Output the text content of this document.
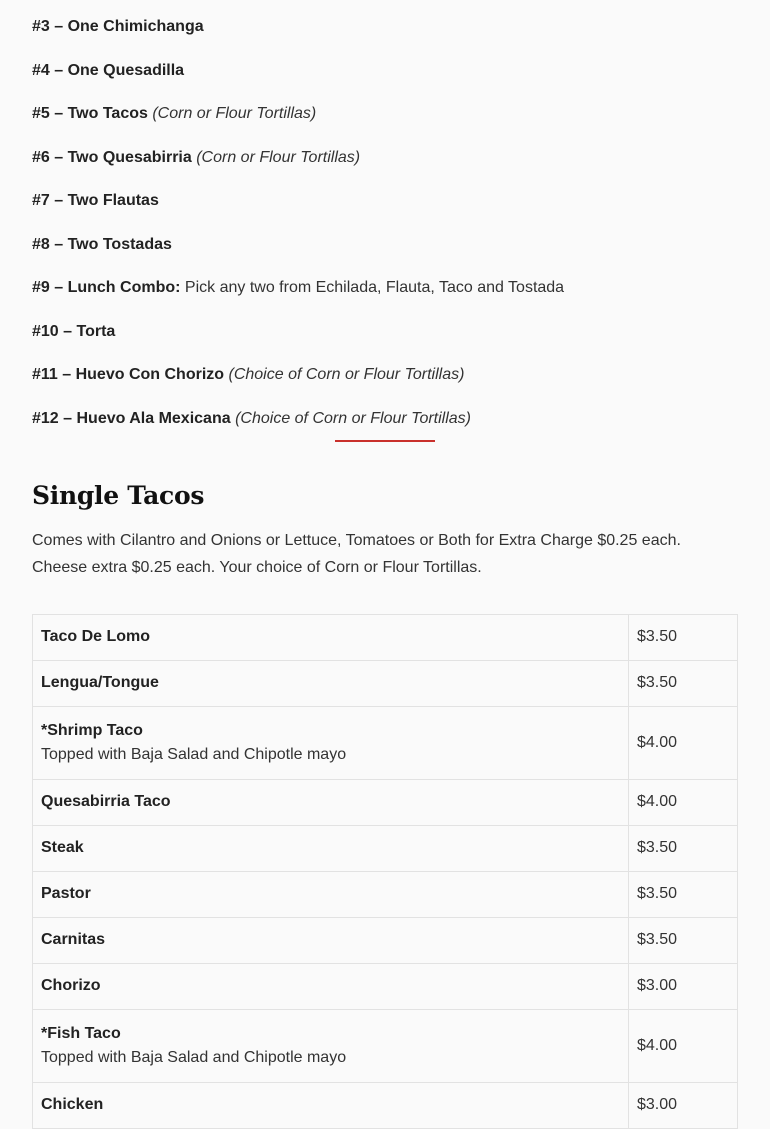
#3 – One Chimichanga
#4 – One Quesadilla
#5 – Two Tacos (Corn or Flour Tortillas)
#6 – Two Quesabirria (Corn or Flour Tortillas)
#7 – Two Flautas
#8 – Two Tostadas
#9 – Lunch Combo: Pick any two from Echilada, Flauta, Taco and Tostada
#10 – Torta
#11 – Huevo Con Chorizo (Choice of Corn or Flour Tortillas)
#12 – Huevo Ala Mexicana (Choice of Corn or Flour Tortillas)
Single Tacos

Comes with Cilantro and Onions or Lettuce, Tomatoes or Both for Extra Charge $0.25 each. Cheese extra $0.25 each. Your choice of Corn or Flour Tortillas.

Taco De Lomo	$3.50

Lengua/Tongue	$3.50

*Shrimp Taco
Topped with Baja Salad and Chipotle mayo	$4.00

Quesabirria Taco	$4.00

Steak	$3.50

Pastor	$3.50

Carnitas	$3.50

Chorizo	$3.00

*Fish Taco
Topped with Baja Salad and Chipotle mayo	$4.00

Chicken	$3.00
